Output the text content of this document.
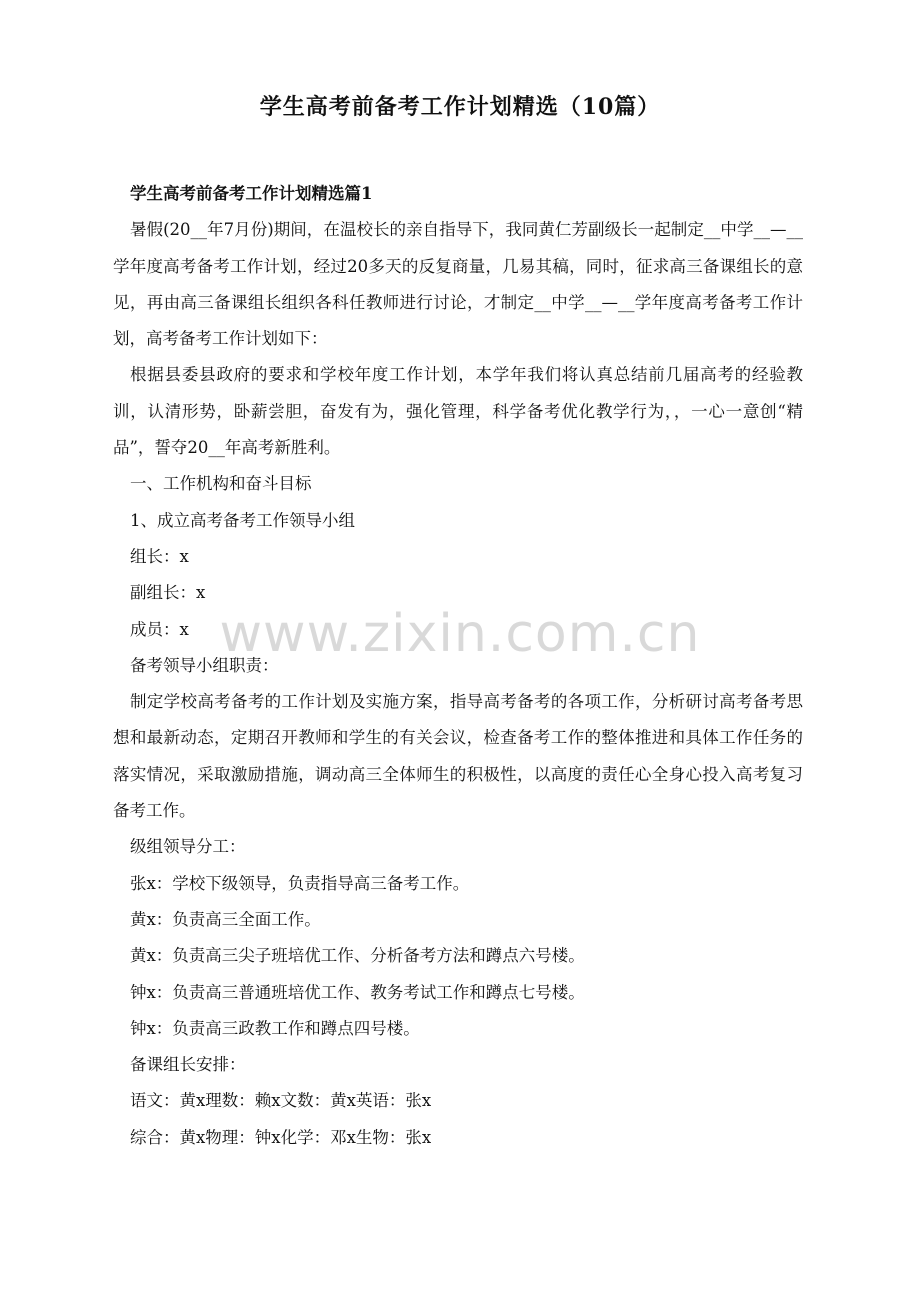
学生高考前备考工作计划精选（10篇）
学生高考前备考工作计划精选篇1

暑假(20__年7月份)期间，在温校长的亲自指导下，我同黄仁芳副级长一起制定__中学__—__学年度高考备考工作计划，经过20多天的反复商量，几易其稿，同时，征求高三备课组长的意见，再由高三备课组长组织各科任教师进行讨论，才制定__中学__—__学年度高考备考工作计划，高考备考工作计划如下：

根据县委县政府的要求和学校年度工作计划，本学年我们将认真总结前几届高考的经验教训，认清形势，卧薪尝胆，奋发有为，强化管理，科学备考优化教学行为，，一心一意创“精品”，誓夺20__年高考新胜利。

一、工作机构和奋斗目标

1、成立高考备考工作领导小组

组长：x

副组长：x

成员：x

备考领导小组职责：

制定学校高考备考的工作计划及实施方案，指导高考备考的各项工作，分析研讨高考备考思想和最新动态，定期召开教师和学生的有关会议，检查备考工作的整体推进和具体工作任务的落实情况，采取激励措施，调动高三全体师生的积极性，以高度的责任心全身心投入高考复习备考工作。

级组领导分工：

张x：学校下级领导，负责指导高三备考工作。

黄x：负责高三全面工作。

黄x：负责高三尖子班培优工作、分析备考方法和蹲点六号楼。

钟x：负责高三普通班培优工作、教务考试工作和蹲点七号楼。

钟x：负责高三政教工作和蹲点四号楼。

备课组长安排：

语文：黄x理数：赖x文数：黄x英语：张x

综合：黄x物理：钟x化学：邓x生物：张x

www.zixin.com.cn
